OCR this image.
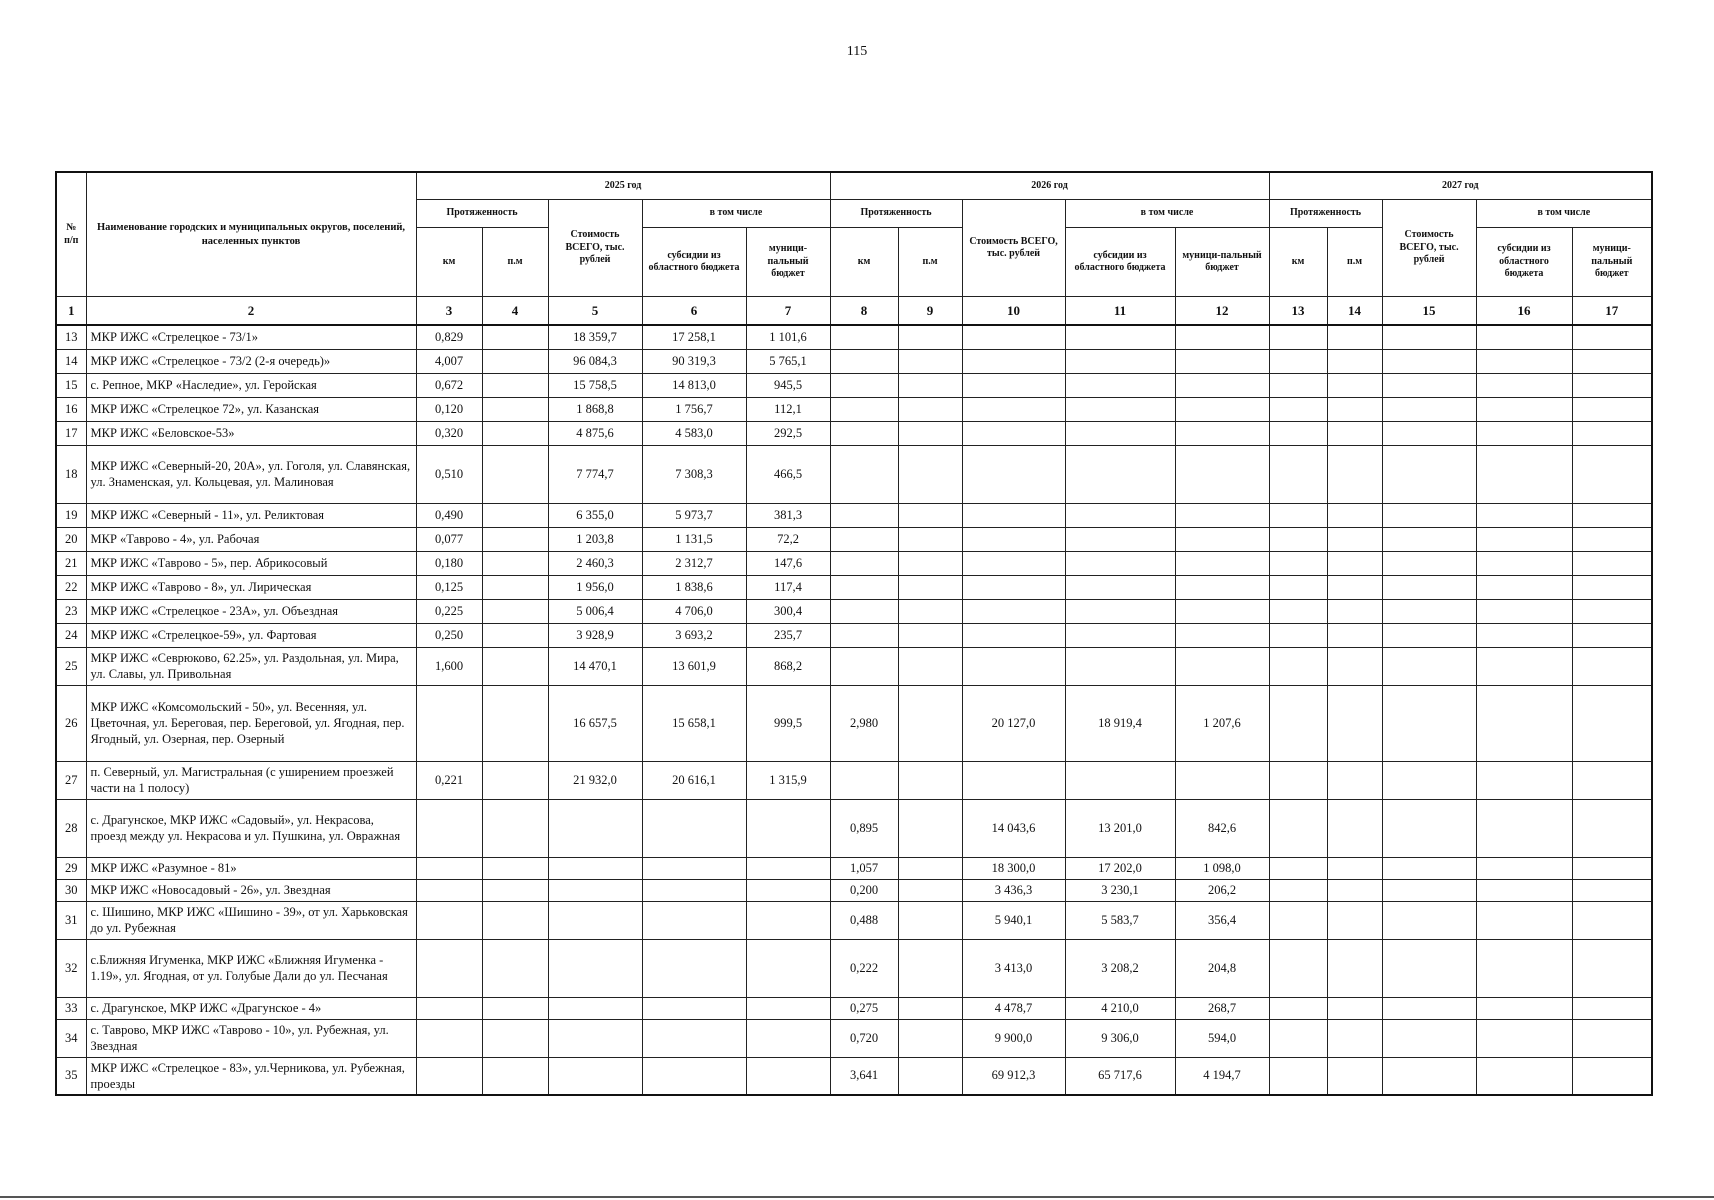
115
№ п/п	Наименование городских и муниципальных округов, поселений, населенных пунктов	2025 год					2026 год					2027 год				
		Протяженность		Стоимость ВСЕГО, тыс. рублей	в том числе		Протяженность		Стоимость ВСЕГО, тыс. рублей	в том числе		Протяженность		Стоимость ВСЕГО, тыс. рублей	в том числе	
		км	п.м		субсидии из областного бюджета	муници-пальный бюджет	км	п.м		субсидии из областного бюджета	муници-пальный бюджет	км	п.м		субсидии из областного бюджета	муници-пальный бюджет
1	2	3	4	5	6	7	8	9	10	11	12	13	14	15	16	17
13	МКР ИЖС «Стрелецкое - 73/1»	0,829		18 359,7	17 258,1	1 101,6										
14	МКР ИЖС «Стрелецкое - 73/2 (2-я очередь)»	4,007		96 084,3	90 319,3	5 765,1										
15	с. Репное, МКР «Наследие», ул. Геройская	0,672		15 758,5	14 813,0	945,5										
16	МКР ИЖС «Стрелецкое 72», ул. Казанская	0,120		1 868,8	1 756,7	112,1										
17	МКР ИЖС «Беловское-53»	0,320		4 875,6	4 583,0	292,5										
18	МКР ИЖС «Северный-20, 20А», ул. Гоголя, ул. Славянская, ул. Знаменская, ул. Кольцевая, ул. Малиновая	0,510		7 774,7	7 308,3	466,5										
19	МКР ИЖС «Северный - 11», ул. Реликтовая	0,490		6 355,0	5 973,7	381,3										
20	МКР «Таврово - 4», ул. Рабочая	0,077		1 203,8	1 131,5	72,2										
21	МКР ИЖС «Таврово - 5», пер. Абрикосовый	0,180		2 460,3	2 312,7	147,6										
22	МКР ИЖС «Таврово - 8», ул. Лирическая	0,125		1 956,0	1 838,6	117,4										
23	МКР ИЖС «Стрелецкое - 23А», ул. Объездная	0,225		5 006,4	4 706,0	300,4										
24	МКР ИЖС «Стрелецкое-59», ул. Фартовая	0,250		3 928,9	3 693,2	235,7										
25	МКР ИЖС «Севрюково, 62.25», ул. Раздольная, ул. Мира, ул. Славы, ул. Привольная	1,600		14 470,1	13 601,9	868,2										
26	МКР ИЖС «Комсомольский - 50», ул. Весенняя, ул. Цветочная, ул. Береговая, пер. Береговой, ул. Ягодная, пер. Ягодный, ул. Озерная, пер. Озерный			16 657,5	15 658,1	999,5	2,980		20 127,0	18 919,4	1 207,6					
27	п. Северный, ул. Магистральная (с уширением проезжей части на 1 полосу)	0,221		21 932,0	20 616,1	1 315,9										
28	с. Драгунское, МКР ИЖС «Садовый», ул. Некрасова, проезд между ул. Некрасова и ул. Пушкина, ул. Овражная						0,895		14 043,6	13 201,0	842,6					
29	МКР ИЖС «Разумное - 81»						1,057		18 300,0	17 202,0	1 098,0					
30	МКР ИЖС «Новосадовый - 26», ул. Звездная						0,200		3 436,3	3 230,1	206,2					
31	с. Шишино, МКР ИЖС «Шишино - 39», от ул. Харьковская до ул. Рубежная						0,488		5 940,1	5 583,7	356,4					
32	с.Ближняя Игуменка, МКР ИЖС «Ближняя Игуменка - 1.19», ул. Ягодная, от ул. Голубые Дали до ул. Песчаная						0,222		3 413,0	3 208,2	204,8					
33	с. Драгунское, МКР ИЖС «Драгунское - 4»						0,275		4 478,7	4 210,0	268,7					
34	с. Таврово, МКР ИЖС «Таврово - 10», ул. Рубежная, ул. Звездная						0,720		9 900,0	9 306,0	594,0					
35	МКР ИЖС «Стрелецкое - 83», ул.Черникова, ул. Рубежная, проезды						3,641		69 912,3	65 717,6	4 194,7					
